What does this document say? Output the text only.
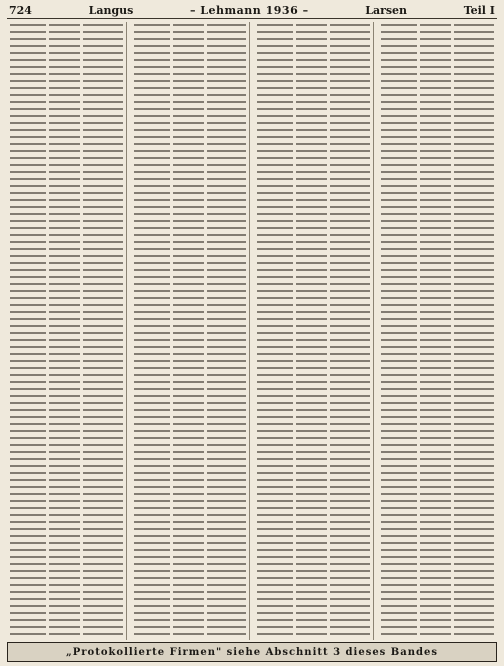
724	Langus	– Lehmann 1936 –	Larsen	Teil I
„Protokollierte Firmen" siehe Abschnitt 3 dieses Bandes
